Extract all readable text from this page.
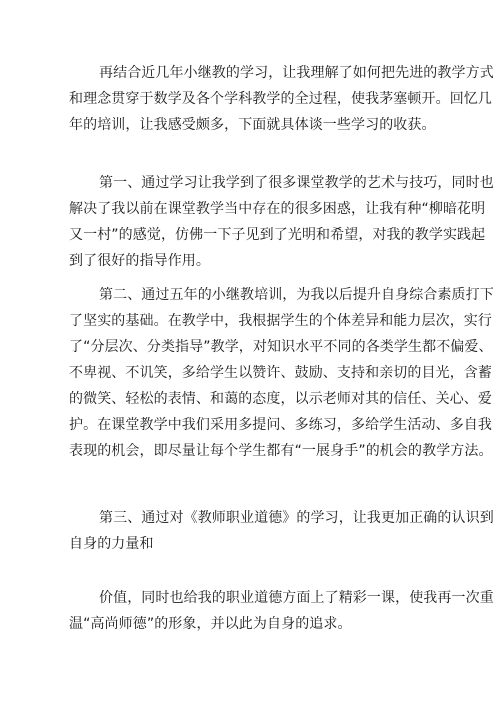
再结合近几年小继教的学习，让我理解了如何把先进的教学方式
和理念贯穿于数学及各个学科教学的全过程，使我茅塞顿开。回忆几
年的培训，让我感受颇多，下面就具体谈一些学习的收获。
第一、通过学习让我学到了很多课堂教学的艺术与技巧，同时也
解决了我以前在课堂教学当中存在的很多困惑，让我有种“柳暗花明
又一村”的感觉，仿佛一下子见到了光明和希望，对我的教学实践起
到了很好的指导作用。
第二、通过五年的小继教培训，为我以后提升自身综合素质打下
了坚实的基础。在教学中，我根据学生的个体差异和能力层次，实行
了“分层次、分类指导”教学，对知识水平不同的各类学生都不偏爱、
不卑视、不讥笑，多给学生以赞许、鼓励、支持和亲切的目光，含蓄
的微笑、轻松的表情、和蔼的态度，以示老师对其的信任、关心、爱
护。在课堂教学中我们采用多提问、多练习，多给学生活动、多自我
表现的机会，即尽量让每个学生都有“一展身手”的机会的教学方法。
第三、通过对《教师职业道德》的学习，让我更加正确的认识到
自身的力量和
价值，同时也给我的职业道德方面上了精彩一课，使我再一次重
温“高尚师德”的形象，并以此为自身的追求。
